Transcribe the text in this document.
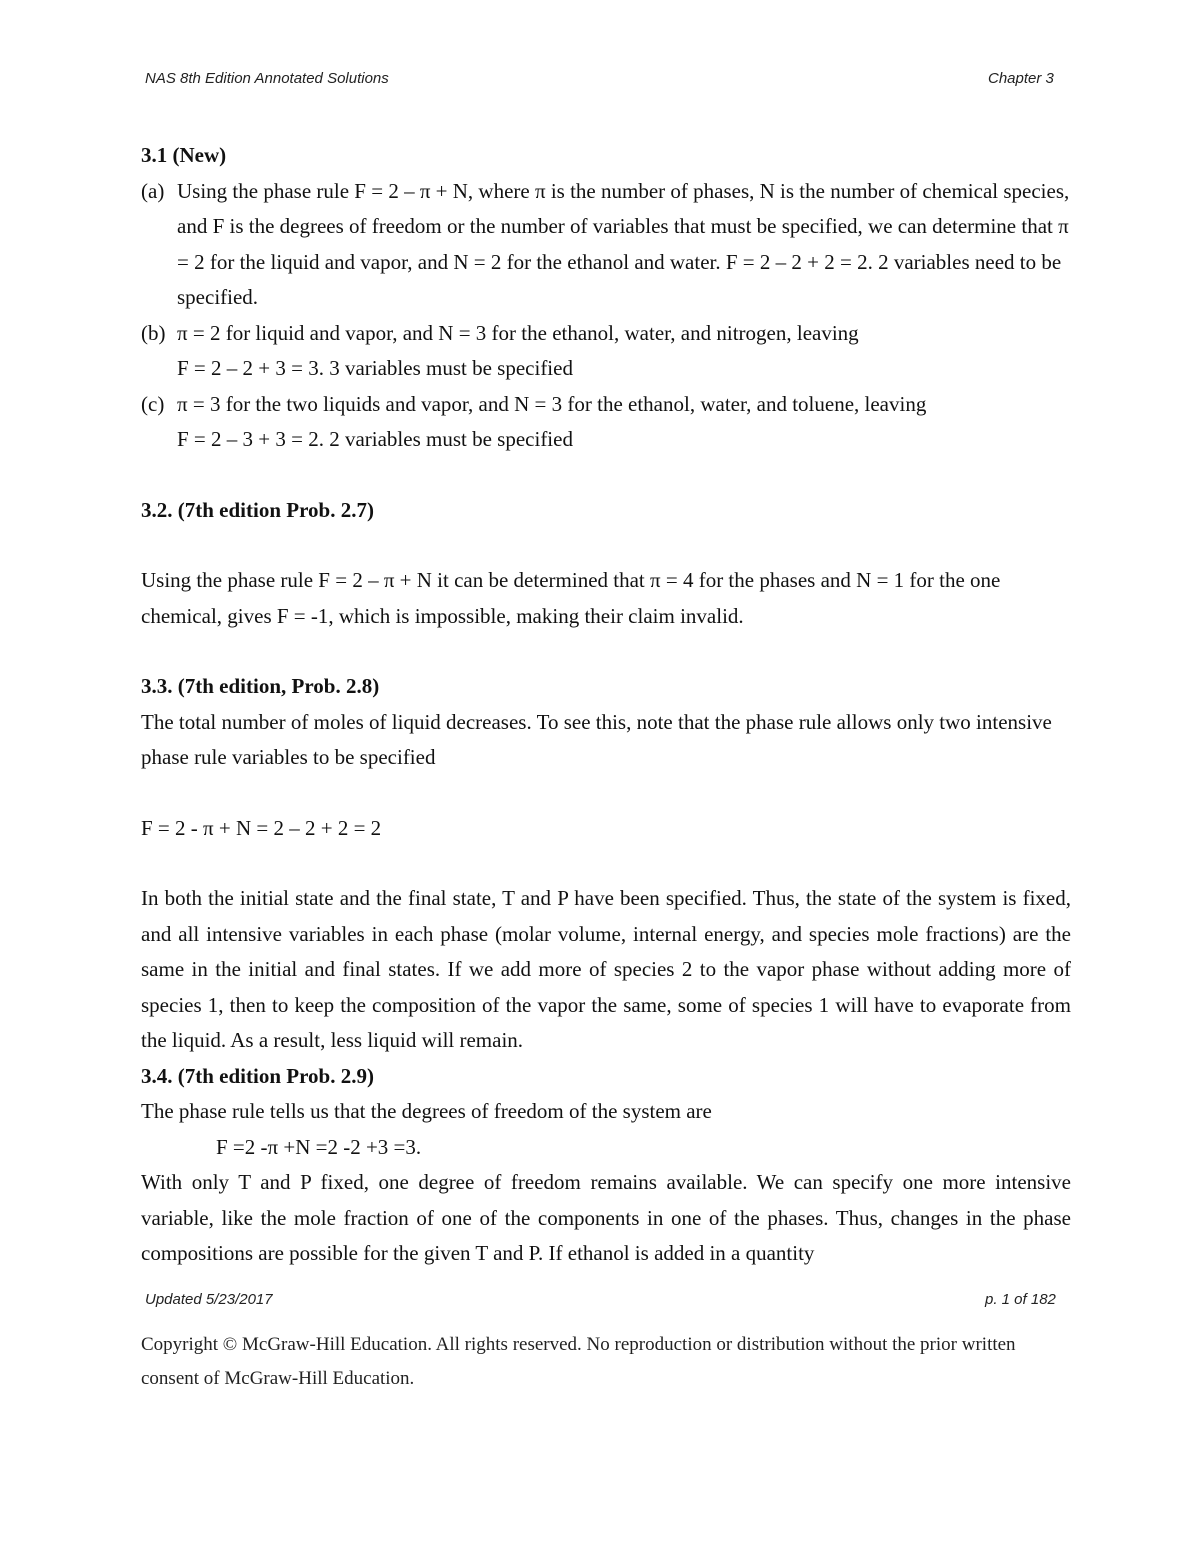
NAS 8th Edition Annotated Solutions	Chapter 3
3.1 (New)
(a) Using the phase rule F = 2 – π + N, where π is the number of phases, N is the number of chemical species, and F is the degrees of freedom or the number of variables that must be specified, we can determine that π = 2 for the liquid and vapor, and N = 2 for the ethanol and water. F = 2 – 2 + 2 = 2. 2 variables need to be specified.
(b) π = 2 for liquid and vapor, and N = 3 for the ethanol, water, and nitrogen, leaving
F = 2 – 2 + 3 = 3. 3 variables must be specified
(c) π = 3 for the two liquids and vapor, and N = 3 for the ethanol, water, and toluene, leaving
F = 2 – 3 + 3 = 2. 2 variables must be specified
3.2. (7th edition Prob. 2.7)

Using the phase rule F = 2 – π + N it can be determined that π = 4 for the phases and N = 1 for the one chemical, gives F = -1, which is impossible, making their claim invalid.

3.3. (7th edition, Prob. 2.8)

The total number of moles of liquid decreases. To see this, note that the phase rule allows only two intensive phase rule variables to be specified

F = 2 - π + N = 2 – 2 + 2 = 2

In both the initial state and the final state, T and P have been specified. Thus, the state of the system is fixed, and all intensive variables in each phase (molar volume, internal energy, and species mole fractions) are the same in the initial and final states. If we add more of species 2 to the vapor phase without adding more of species 1, then to keep the composition of the vapor the same, some of species 1 will have to evaporate from the liquid. As a result, less liquid will remain.

3.4. (7th edition Prob. 2.9)

The phase rule tells us that the degrees of freedom of the system are

F =2 -π +N =2 -2 +3 =3.

With only T and P fixed, one degree of freedom remains available. We can specify one more intensive variable, like the mole fraction of one of the components in one of the phases. Thus, changes in the phase compositions are possible for the given T and P. If ethanol is added in a quantity

Updated 5/23/2017	p. 1 of 182
Copyright © McGraw-Hill Education. All rights reserved. No reproduction or distribution without the prior written consent of McGraw-Hill Education.
